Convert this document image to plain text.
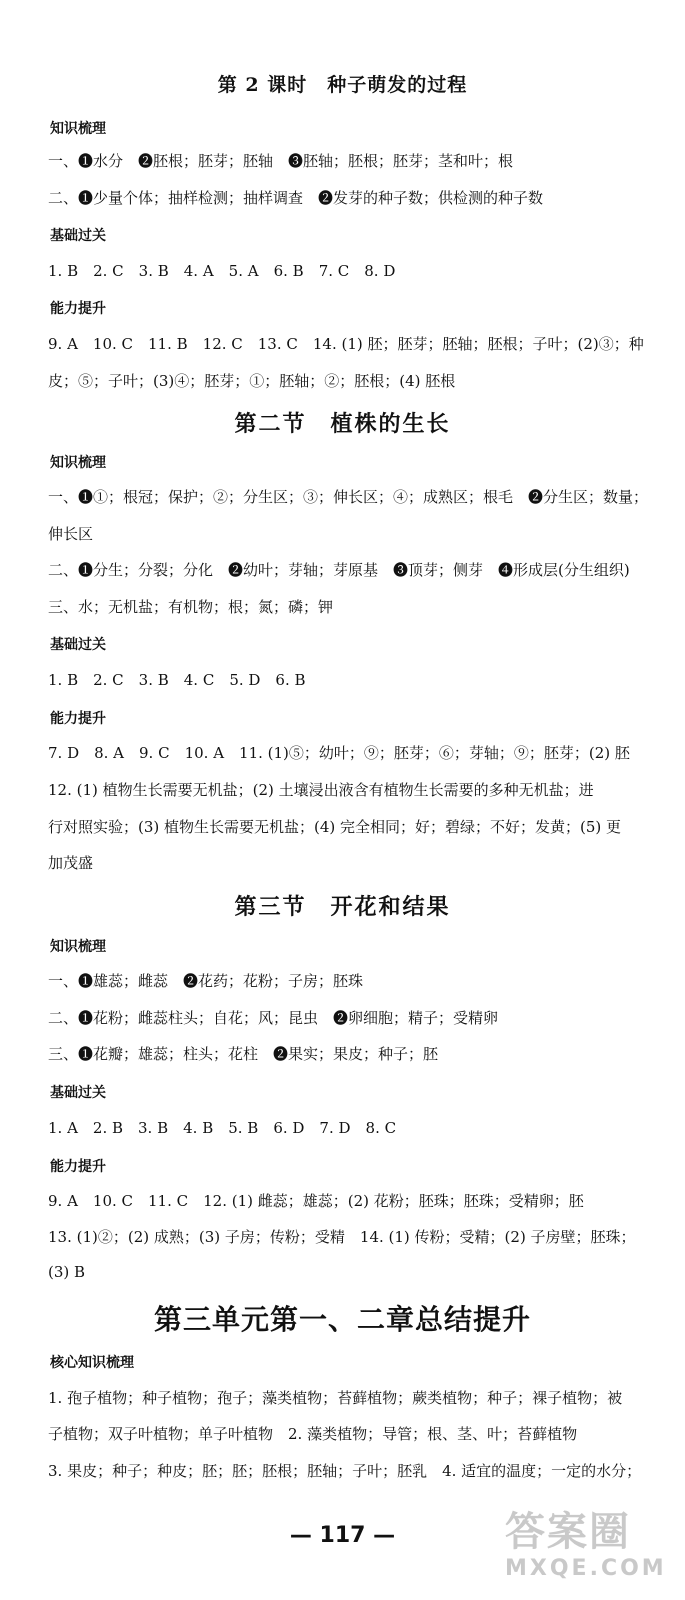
第 2 课时　种子萌发的过程
知识梳理
一、❶水分　❷胚根；胚芽；胚轴　❸胚轴；胚根；胚芽；茎和叶；根
二、❶少量个体；抽样检测；抽样调查　❷发芽的种子数；供检测的种子数
基础过关
1. B　2. C　3. B　4. A　5. A　6. B　7. C　8. D
能力提升
9. A　10. C　11. B　12. C　13. C　14. (1) 胚；胚芽；胚轴；胚根；子叶；(2)③；种
皮；⑤；子叶；(3)④；胚芽；①；胚轴；②；胚根；(4) 胚根
第二节　植株的生长
知识梳理
一、❶①；根冠；保护；②；分生区；③；伸长区；④；成熟区；根毛　❷分生区；数量；
伸长区
二、❶分生；分裂；分化　❷幼叶；芽轴；芽原基　❸顶芽；侧芽　❹形成层(分生组织)
三、水；无机盐；有机物；根；氮；磷；钾
基础过关
1. B　2. C　3. B　4. C　5. D　6. B
能力提升
7. D　8. A　9. C　10. A　11. (1)⑤；幼叶；⑨；胚芽；⑥；芽轴；⑨；胚芽；(2) 胚
12. (1) 植物生长需要无机盐；(2) 土壤浸出液含有植物生长需要的多种无机盐；进
行对照实验；(3) 植物生长需要无机盐；(4) 完全相同；好；碧绿；不好；发黄；(5) 更
加茂盛
第三节　开花和结果
知识梳理
一、❶雄蕊；雌蕊　❷花药；花粉；子房；胚珠
二、❶花粉；雌蕊柱头；自花；风；昆虫　❷卵细胞；精子；受精卵
三、❶花瓣；雄蕊；柱头；花柱　❷果实；果皮；种子；胚
基础过关
1. A　2. B　3. B　4. B　5. B　6. D　7. D　8. C
能力提升
9. A　10. C　11. C　12. (1) 雌蕊；雄蕊；(2) 花粉；胚珠；胚珠；受精卵；胚
13. (1)②；(2) 成熟；(3) 子房；传粉；受精　14. (1) 传粉；受精；(2) 子房壁；胚珠；
(3) B
第三单元第一、二章总结提升
核心知识梳理
1. 孢子植物；种子植物；孢子；藻类植物；苔藓植物；蕨类植物；种子；裸子植物；被
子植物；双子叶植物；单子叶植物　2. 藻类植物；导管；根、茎、叶；苔藓植物
3. 果皮；种子；种皮；胚；胚；胚根；胚轴；子叶；胚乳　4. 适宜的温度；一定的水分；
— 117 —	答案圈
MXQE.COM
